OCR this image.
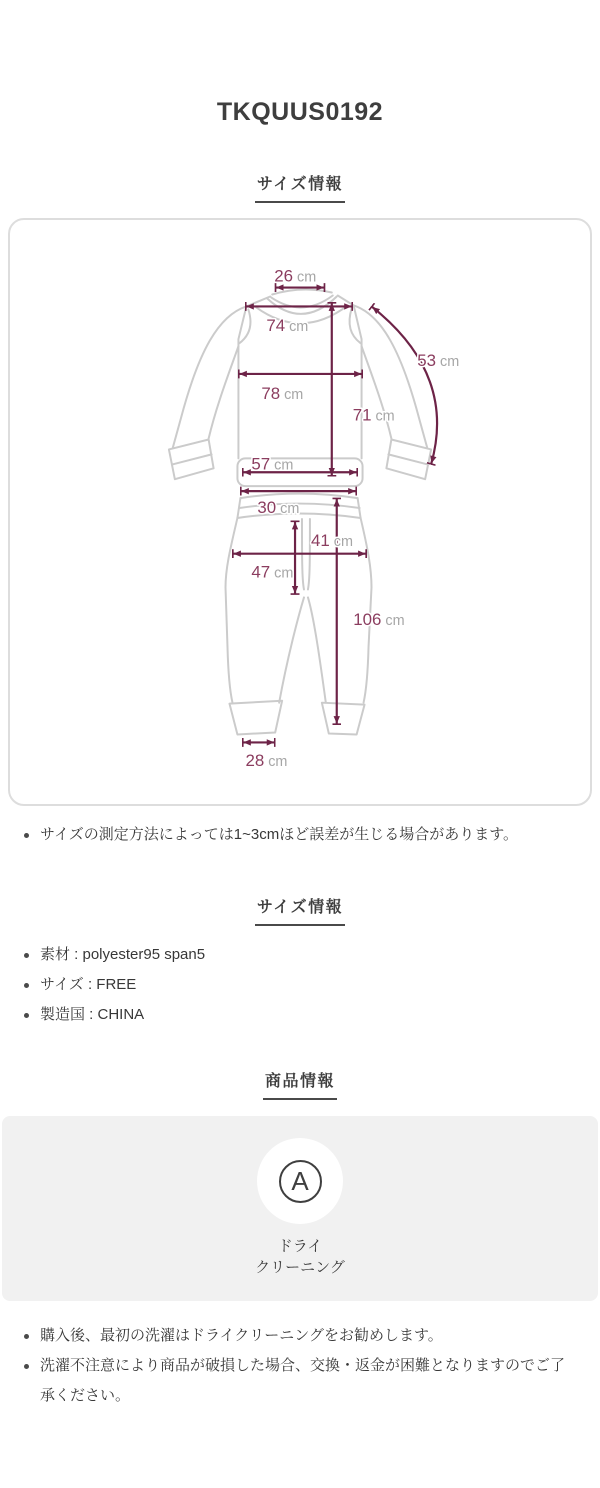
TKQUUS0192
サイズ情報
26 cm
74 cm
53 cm
78 cm
71 cm
57 cm
30 cm
41 cm
47 cm
106 cm
28 cm
サイズの測定方法によっては1~3cmほど誤差が生じる場合があります。
サイズ情報
素材 : polyester95 span5
サイズ : FREE
製造国 : CHINA
商品情報
A
ドライ
クリーニング
購入後、最初の洗濯はドライクリーニングをお勧めします。
洗濯不注意により商品が破損した場合、交換・返金が困難となりますのでご了承ください。
